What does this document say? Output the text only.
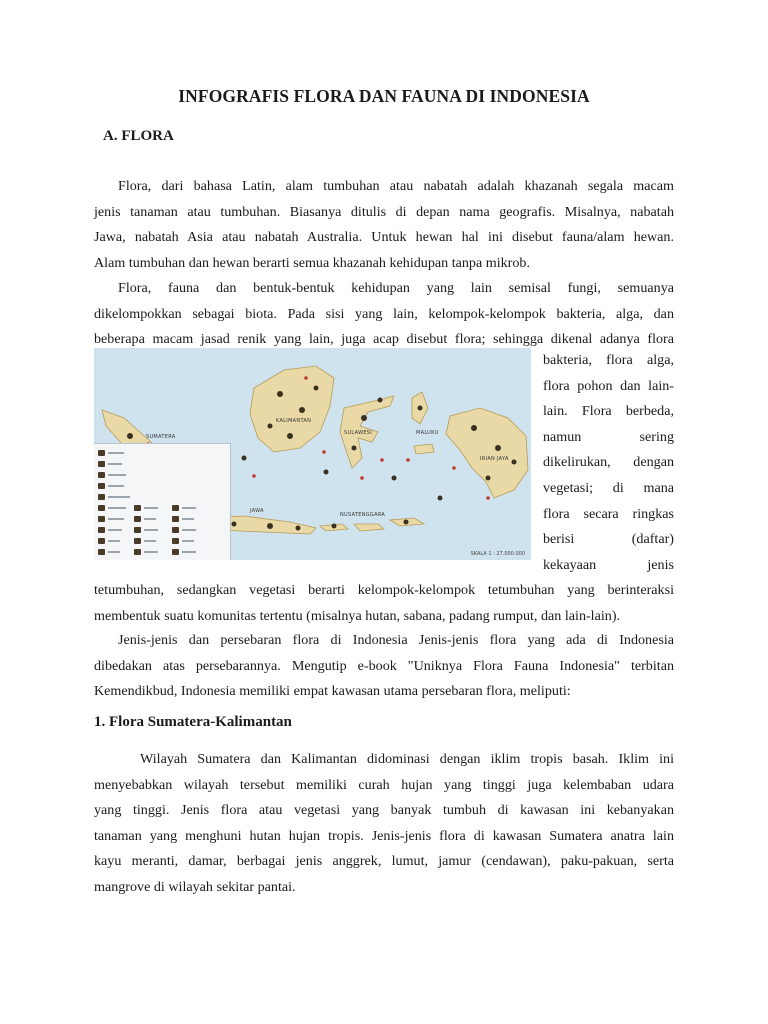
INFOGRAFIS FLORA DAN FAUNA DI INDONESIA
A. FLORA
Flora, dari bahasa Latin, alam tumbuhan atau nabatah adalah khazanah segala macam
jenis tanaman atau tumbuhan. Biasanya ditulis di depan nama geografis. Misalnya, nabatah
Jawa, nabatah Asia atau nabatah Australia. Untuk hewan hal ini disebut fauna/alam hewan.
Alam tumbuhan dan hewan berarti semua khazanah kehidupan tanpa mikrob.
Flora, fauna dan bentuk-bentuk kehidupan yang lain semisal fungi, semuanya
dikelompokkan sebagai biota. Pada sisi yang lain, kelompok-kelompok bakteria, alga, dan
beberapa macam jasad renik yang lain, juga acap disebut flora; sehingga dikenal adanya flora
SUMATERA
KALIMANTAN
SULAWESI	MALUKU
IRIAN JAYA
JAWA
NUSATENGGARA
SKALA 1 : 27.000.000
bakteria, flora alga,
flora pohon dan lain-
lain. Flora berbeda,
namun sering
dikelirukan, dengan
vegetasi; di mana
flora secara ringkas
berisi (daftar)
kekayaan jenis
tetumbuhan, sedangkan vegetasi berarti kelompok-kelompok tetumbuhan yang berinteraksi
membentuk suatu komunitas tertentu (misalnya hutan, sabana, padang rumput, dan lain-lain).
Jenis-jenis dan persebaran flora di Indonesia Jenis-jenis flora yang ada di Indonesia
dibedakan atas persebarannya. Mengutip e-book "Uniknya Flora Fauna Indonesia" terbitan
Kemendikbud, Indonesia memiliki empat kawasan utama persebaran flora, meliputi:
1. Flora Sumatera-Kalimantan
Wilayah Sumatera dan Kalimantan didominasi dengan iklim tropis basah. Iklim ini
menyebabkan wilayah tersebut memiliki curah hujan yang tinggi juga kelembaban udara
yang tinggi. Jenis flora atau vegetasi yang banyak tumbuh di kawasan ini kebanyakan
tanaman yang menghuni hutan hujan tropis. Jenis-jenis flora di kawasan Sumatera anatra lain
kayu meranti, damar, berbagai jenis anggrek, lumut, jamur (cendawan), paku-pakuan, serta
mangrove di wilayah sekitar pantai.
